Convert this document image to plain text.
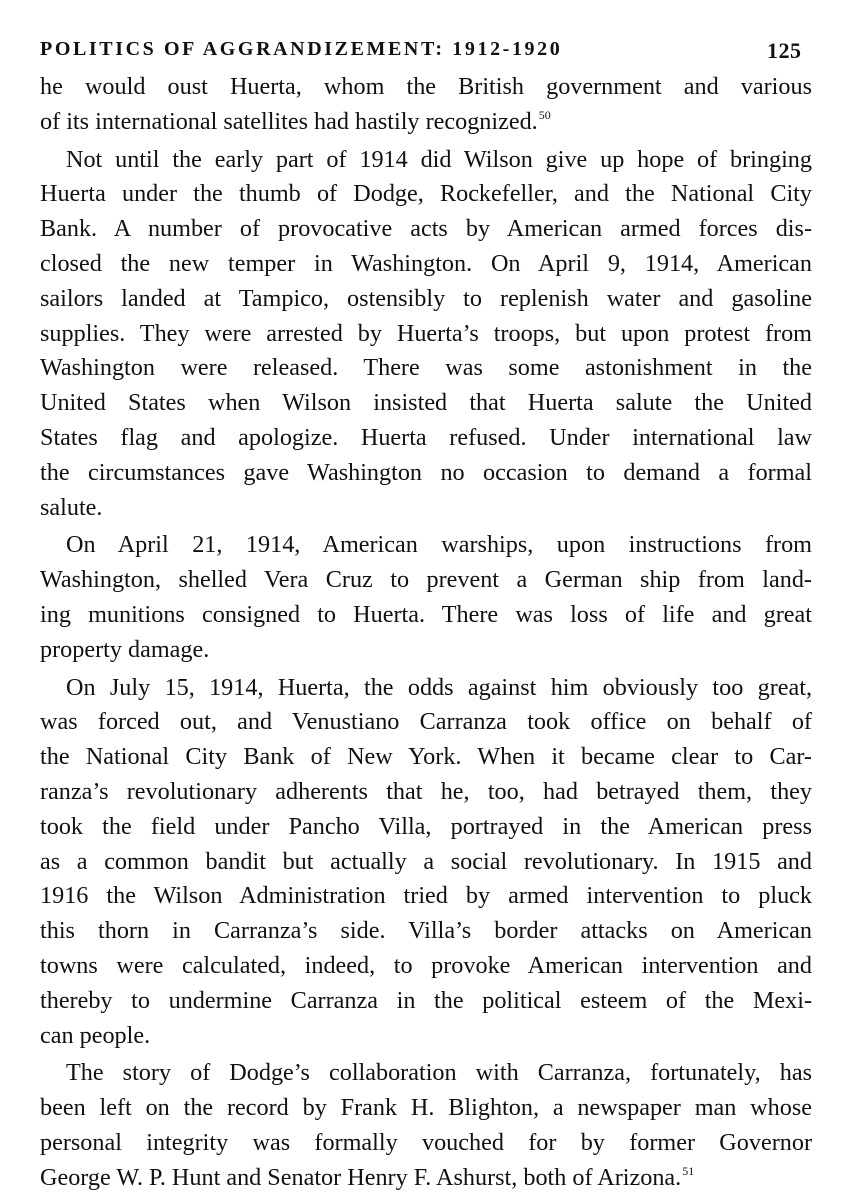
POLITICS OF AGGRANDIZEMENT: 1912-1920	125
he would oust Huerta, whom the British government and various
of its international satellites had hastily recognized.$^{50}$
Not until the early part of 1914 did Wilson give up hope of bringing
Huerta under the thumb of Dodge, Rockefeller, and the National City
Bank. A number of provocative acts by American armed forces dis-
closed the new temper in Washington. On April 9, 1914, American
sailors landed at Tampico, ostensibly to replenish water and gasoline
supplies. They were arrested by Huerta’s troops, but upon protest from
Washington were released. There was some astonishment in the
United States when Wilson insisted that Huerta salute the United
States flag and apologize. Huerta refused. Under international law
the circumstances gave Washington no occasion to demand a formal
salute.
On April 21, 1914, American warships, upon instructions from
Washington, shelled Vera Cruz to prevent a German ship from land-
ing munitions consigned to Huerta. There was loss of life and great
property damage.
On July 15, 1914, Huerta, the odds against him obviously too great,
was forced out, and Venustiano Carranza took office on behalf of
the National City Bank of New York. When it became clear to Car-
ranza’s revolutionary adherents that he, too, had betrayed them, they
took the field under Pancho Villa, portrayed in the American press
as a common bandit but actually a social revolutionary. In 1915 and
1916 the Wilson Administration tried by armed intervention to pluck
this thorn in Carranza’s side. Villa’s border attacks on American
towns were calculated, indeed, to provoke American intervention and
thereby to undermine Carranza in the political esteem of the Mexi-
can people.
The story of Dodge’s collaboration with Carranza, fortunately, has
been left on the record by Frank H. Blighton, a newspaper man whose
personal integrity was formally vouched for by former Governor
George W. P. Hunt and Senator Henry F. Ashurst, both of Arizona.$^{51}$
